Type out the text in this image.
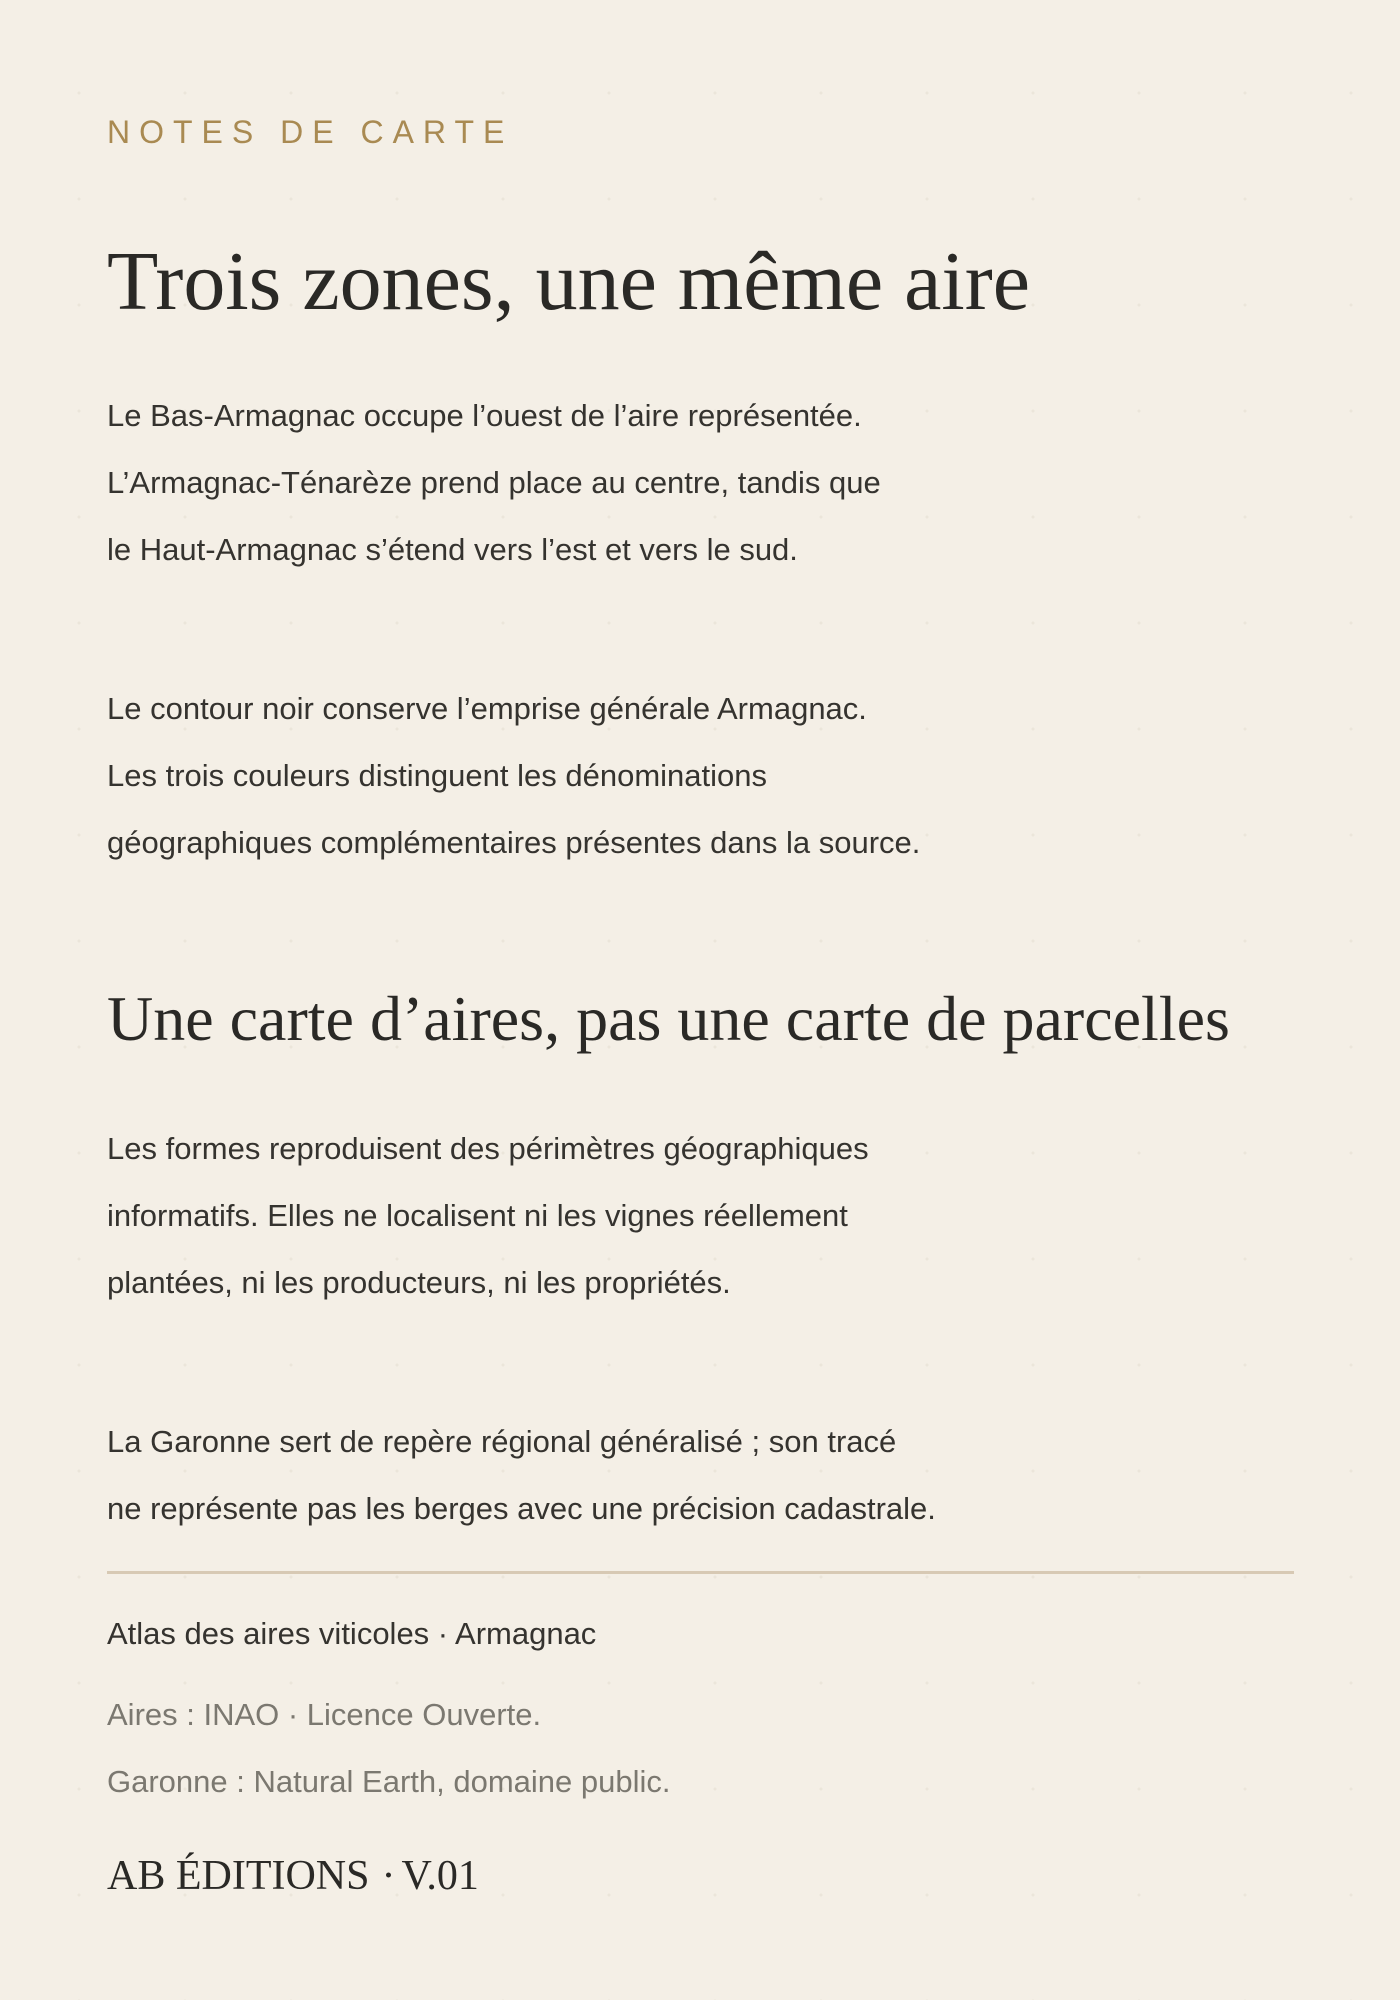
NOTES DE CARTE
Trois zones, une même aire

Le Bas-Armagnac occupe l’ouest de l’aire représentée.
L’Armagnac-Ténarèze prend place au centre, tandis que
le Haut-Armagnac s’étend vers l’est et vers le sud.

Le contour noir conserve l’emprise générale Armagnac.
Les trois couleurs distinguent les dénominations
géographiques complémentaires présentes dans la source.

Une carte d’aires, pas une carte de parcelles

Les formes reproduisent des périmètres géographiques
informatifs. Elles ne localisent ni les vignes réellement
plantées, ni les producteurs, ni les propriétés.

La Garonne sert de repère régional généralisé ; son tracé
ne représente pas les berges avec une précision cadastrale.

Atlas des aires viticoles · Armagnac
Aires : INAO · Licence Ouverte.
Garonne : Natural Earth, domaine public.
AB ÉDITIONS · V.01
